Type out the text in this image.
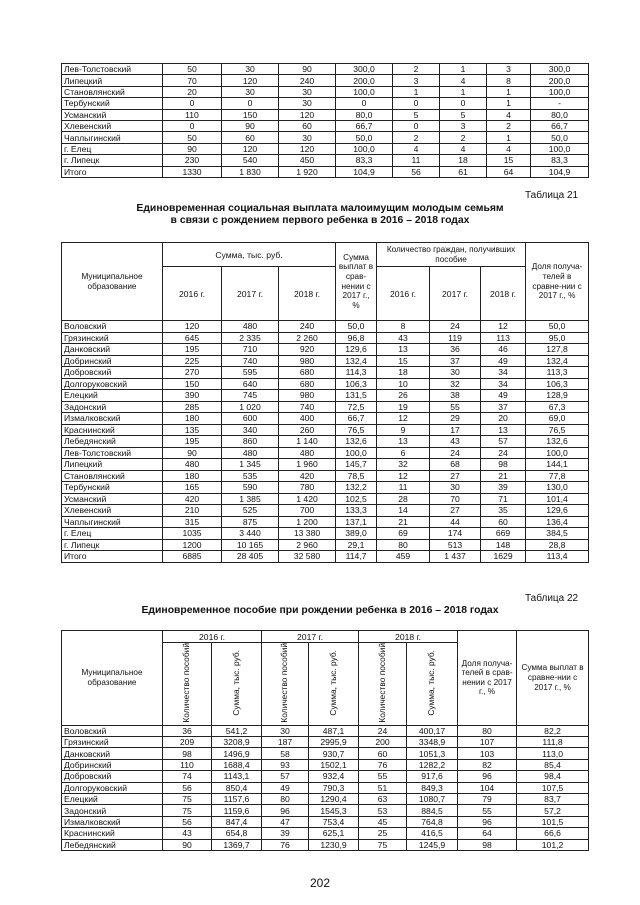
Лев-Толстовский	50	30	90	300,0	2	1	3	300,0
Липецкий	70	120	240	200,0	3	4	8	200,0
Становлянский	20	30	30	100,0	1	1	1	100,0
Тербунский	0	0	30	0	0	0	1	-
Усманский	110	150	120	80,0	5	5	4	80,0
Хлевенский	0	90	60	66,7	0	3	2	66,7
Чаплыгинский	50	60	30	50,0	2	2	1	50,0
г. Елец	90	120	120	100,0	4	4	4	100,0
г. Липецк	230	540	450	83,3	11	18	15	83,3
Итого	1330	1 830	1 920	104,9	56	61	64	104,9
Таблица 21
Единовременная социальная выплата малоимущим молодым семьям
в связи с рождением первого ребенка в 2016 – 2018 годах
Муниципальное образование	Сумма, тыс. руб.			Сумма выплат в срав-нении с 2017 г., %	Количество граждан, получивших пособие			Доля получа-телей в сравне-нии с 2017 г., %
	2016 г.	2017 г.	2018 г.		2016 г.	2017 г.	2018 г.	
Воловский	120	480	240	50,0	8	24	12	50,0
Грязинский	645	2 335	2 260	96,8	43	119	113	95,0
Данковский	195	710	920	129,6	13	36	46	127,8
Добринский	225	740	980	132,4	15	37	49	132,4
Добровский	270	595	680	114,3	18	30	34	113,3
Долгоруковский	150	640	680	106,3	10	32	34	106,3
Елецкий	390	745	980	131,5	26	38	49	128,9
Задонский	285	1 020	740	72,5	19	55	37	67,3
Измалковский	180	600	400	66,7	12	29	20	69,0
Краснинский	135	340	260	76,5	9	17	13	76,5
Лебедянский	195	860	1 140	132,6	13	43	57	132,6
Лев-Толстовский	90	480	480	100,0	6	24	24	100,0
Липецкий	480	1 345	1 960	145,7	32	68	98	144,1
Становлянский	180	535	420	78,5	12	27	21	77,8
Тербунский	165	590	780	132,2	11	30	39	130,0
Усманский	420	1 385	1 420	102,5	28	70	71	101,4
Хлевенский	210	525	700	133,3	14	27	35	129,6
Чаплыгинский	315	875	1 200	137,1	21	44	60	136,4
г. Елец	1035	3 440	13 380	389,0	69	174	669	384,5
г. Липецк	1200	10 165	2 960	29,1	80	513	148	28,8
Итого	6885	28 405	32 580	114,7	459	1 437	1629	113,4
Таблица 22
Единовременное пособие при рождении ребенка в 2016 – 2018 годах
Муниципальное образование	2016 г.		2017 г.		2018 г.		Доля получа-телей в срав-нении с 2017 г., %	Сумма выплат в сравне-нии с 2017 г., %
	Количество пособий	Сумма, тыс. руб.	Количество пособий	Сумма, тыс. руб.	Количество пособий	Сумма, тыс. руб.		
Воловский	36	541,2	30	487,1	24	400,17	80	82,2
Грязинский	209	3208,9	187	2995,9	200	3348,9	107	111,8
Данковский	98	1496,9	58	930,7	60	1051,3	103	113,0
Добринский	110	1688,4	93	1502,1	76	1282,2	82	85,4
Добровский	74	1143,1	57	932,4	55	917,6	96	98,4
Долгоруковский	56	850,4	49	790,3	51	849,3	104	107,5
Елецкий	75	1157,6	80	1290,4	63	1080,7	79	83,7
Задонский	75	1159,6	96	1545,3	53	884,5	55	57,2
Измалковский	56	847,4	47	753,4	45	764,8	96	101,5
Краснинский	43	654,8	39	625,1	25	416,5	64	66,6
Лебедянский	90	1369,7	76	1230,9	75	1245,9	98	101,2
202
